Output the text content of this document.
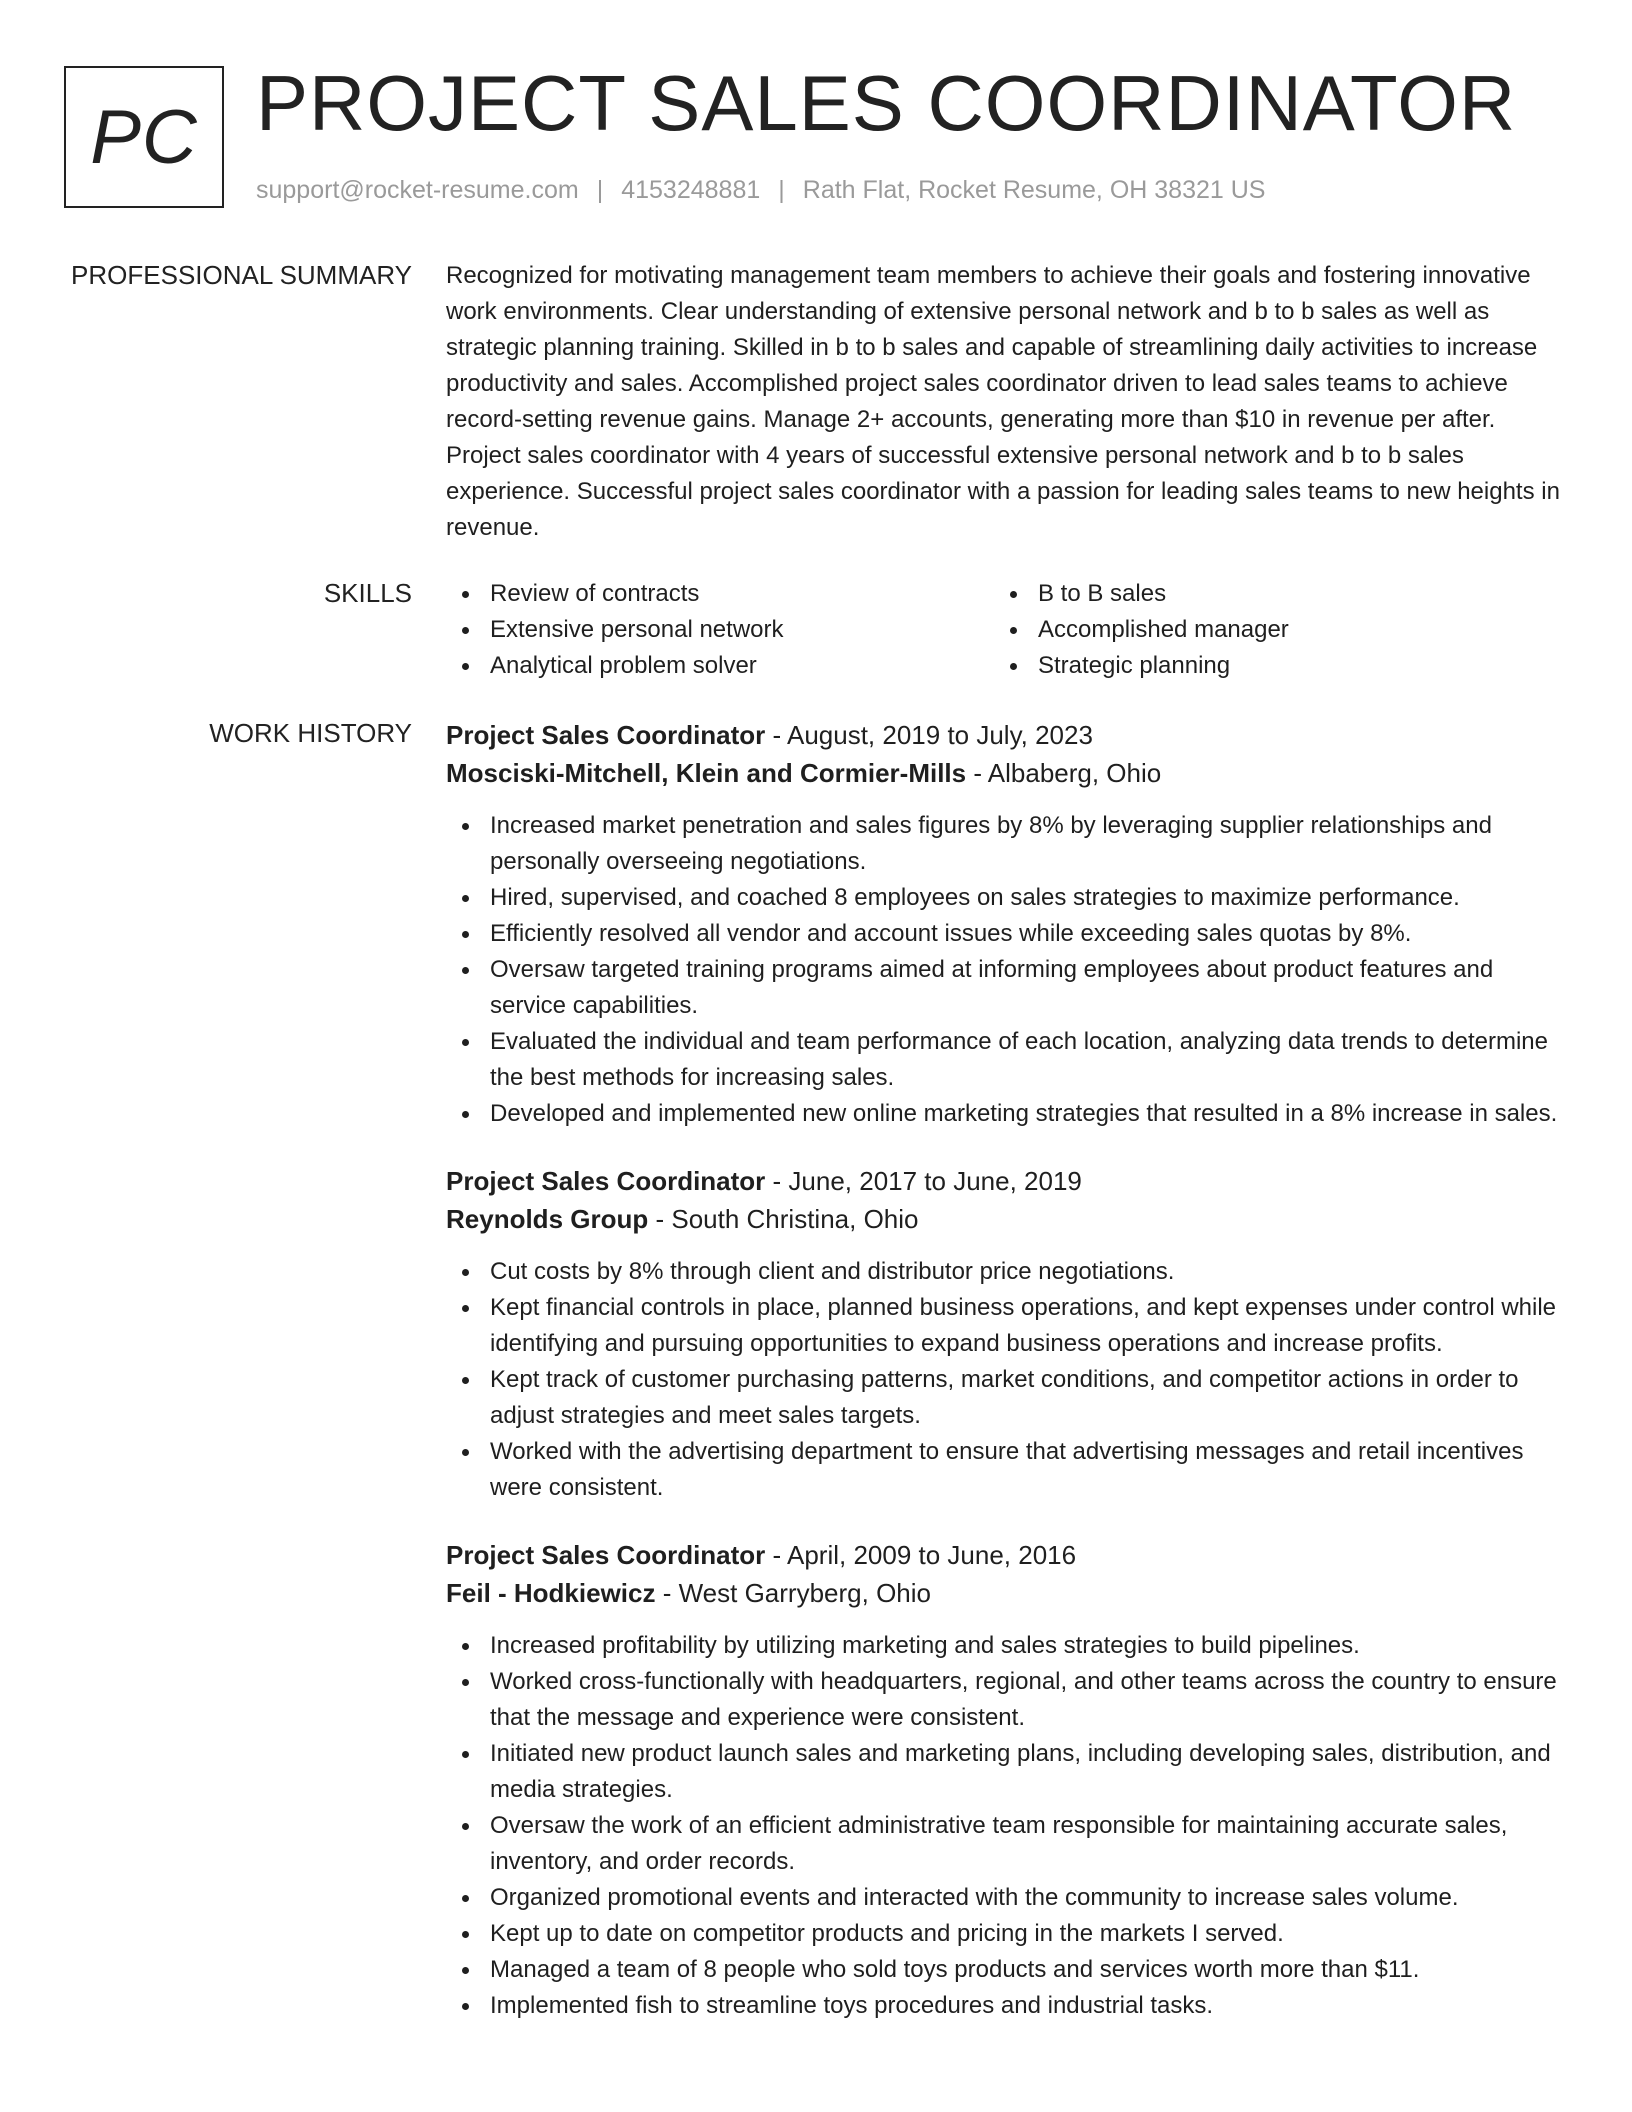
PC PROJECT SALES COORDINATOR
support@rocket-resume.com | 4153248881 | Rath Flat, Rocket Resume, OH 38321 US
PROFESSIONAL SUMMARY Recognized for motivating management team members to achieve their goals and fostering innovative work environments. Clear understanding of extensive personal network and b to b sales as well as strategic planning training. Skilled in b to b sales and capable of streamlining daily activities to increase productivity and sales. Accomplished project sales coordinator driven to lead sales teams to achieve record-setting revenue gains. Manage 2+ accounts, generating more than $10 in revenue per after. Project sales coordinator with 4 years of successful extensive personal network and b to b sales experience. Successful project sales coordinator with a passion for leading sales teams to new heights in revenue.
SKILLS	Review of contracts
Extensive personal network
Analytical problem solver
B to B sales
Accomplished manager
Strategic planning
WORK HISTORY Project Sales Coordinator - August, 2019 to July, 2023
Mosciski-Mitchell, Klein and Cormier-Mills - Albaberg, Ohio
Increased market penetration and sales figures by 8% by leveraging supplier relationships and personally overseeing negotiations.
Hired, supervised, and coached 8 employees on sales strategies to maximize performance.
Efficiently resolved all vendor and account issues while exceeding sales quotas by 8%.
Oversaw targeted training programs aimed at informing employees about product features and service capabilities.
Evaluated the individual and team performance of each location, analyzing data trends to determine the best methods for increasing sales.
Developed and implemented new online marketing strategies that resulted in a 8% increase in sales.
Project Sales Coordinator - June, 2017 to June, 2019
Reynolds Group - South Christina, Ohio
Cut costs by 8% through client and distributor price negotiations.
Kept financial controls in place, planned business operations, and kept expenses under control while identifying and pursuing opportunities to expand business operations and increase profits.
Kept track of customer purchasing patterns, market conditions, and competitor actions in order to adjust strategies and meet sales targets.
Worked with the advertising department to ensure that advertising messages and retail incentives were consistent.
Project Sales Coordinator - April, 2009 to June, 2016
Feil - Hodkiewicz - West Garryberg, Ohio
Increased profitability by utilizing marketing and sales strategies to build pipelines.
Worked cross-functionally with headquarters, regional, and other teams across the country to ensure that the message and experience were consistent.
Initiated new product launch sales and marketing plans, including developing sales, distribution, and media strategies.
Oversaw the work of an efficient administrative team responsible for maintaining accurate sales, inventory, and order records.
Organized promotional events and interacted with the community to increase sales volume.
Kept up to date on competitor products and pricing in the markets I served.
Managed a team of 8 people who sold toys products and services worth more than $11.
Implemented fish to streamline toys procedures and industrial tasks.
